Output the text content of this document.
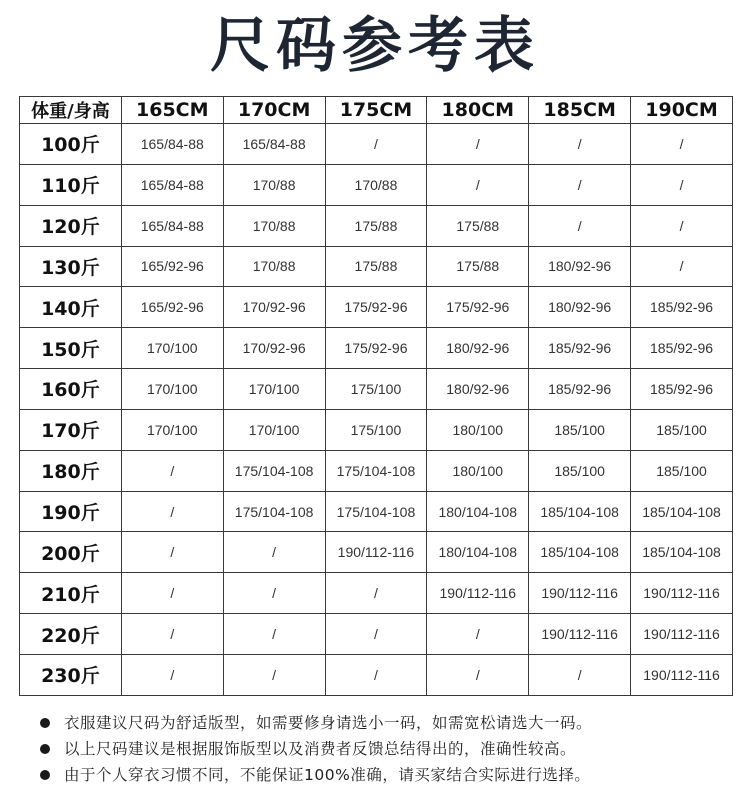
尺码参考表
体重/身高	165CM	170CM	175CM	180CM	185CM	190CM
100斤	165/84-88	165/84-88	/	/	/	/
110斤	165/84-88	170/88	170/88	/	/	/
120斤	165/84-88	170/88	175/88	175/88	/	/
130斤	165/92-96	170/88	175/88	175/88	180/92-96	/
140斤	165/92-96	170/92-96	175/92-96	175/92-96	180/92-96	185/92-96
150斤	170/100	170/92-96	175/92-96	180/92-96	185/92-96	185/92-96
160斤	170/100	170/100	175/100	180/92-96	185/92-96	185/92-96
170斤	170/100	170/100	175/100	180/100	185/100	185/100
180斤	/	175/104-108	175/104-108	180/100	185/100	185/100
190斤	/	175/104-108	175/104-108	180/104-108	185/104-108	185/104-108
200斤	/	/	190/112-116	180/104-108	185/104-108	185/104-108
210斤	/	/	/	190/112-116	190/112-116	190/112-116
220斤	/	/	/	/	190/112-116	190/112-116
230斤	/	/	/	/	/	190/112-116
衣服建议尺码为舒适版型，如需要修身请选小一码，如需宽松请选大一码。
以上尺码建议是根据服饰版型以及消费者反馈总结得出的，准确性较高。
由于个人穿衣习惯不同，不能保证100%准确，请买家结合实际进行选择。
